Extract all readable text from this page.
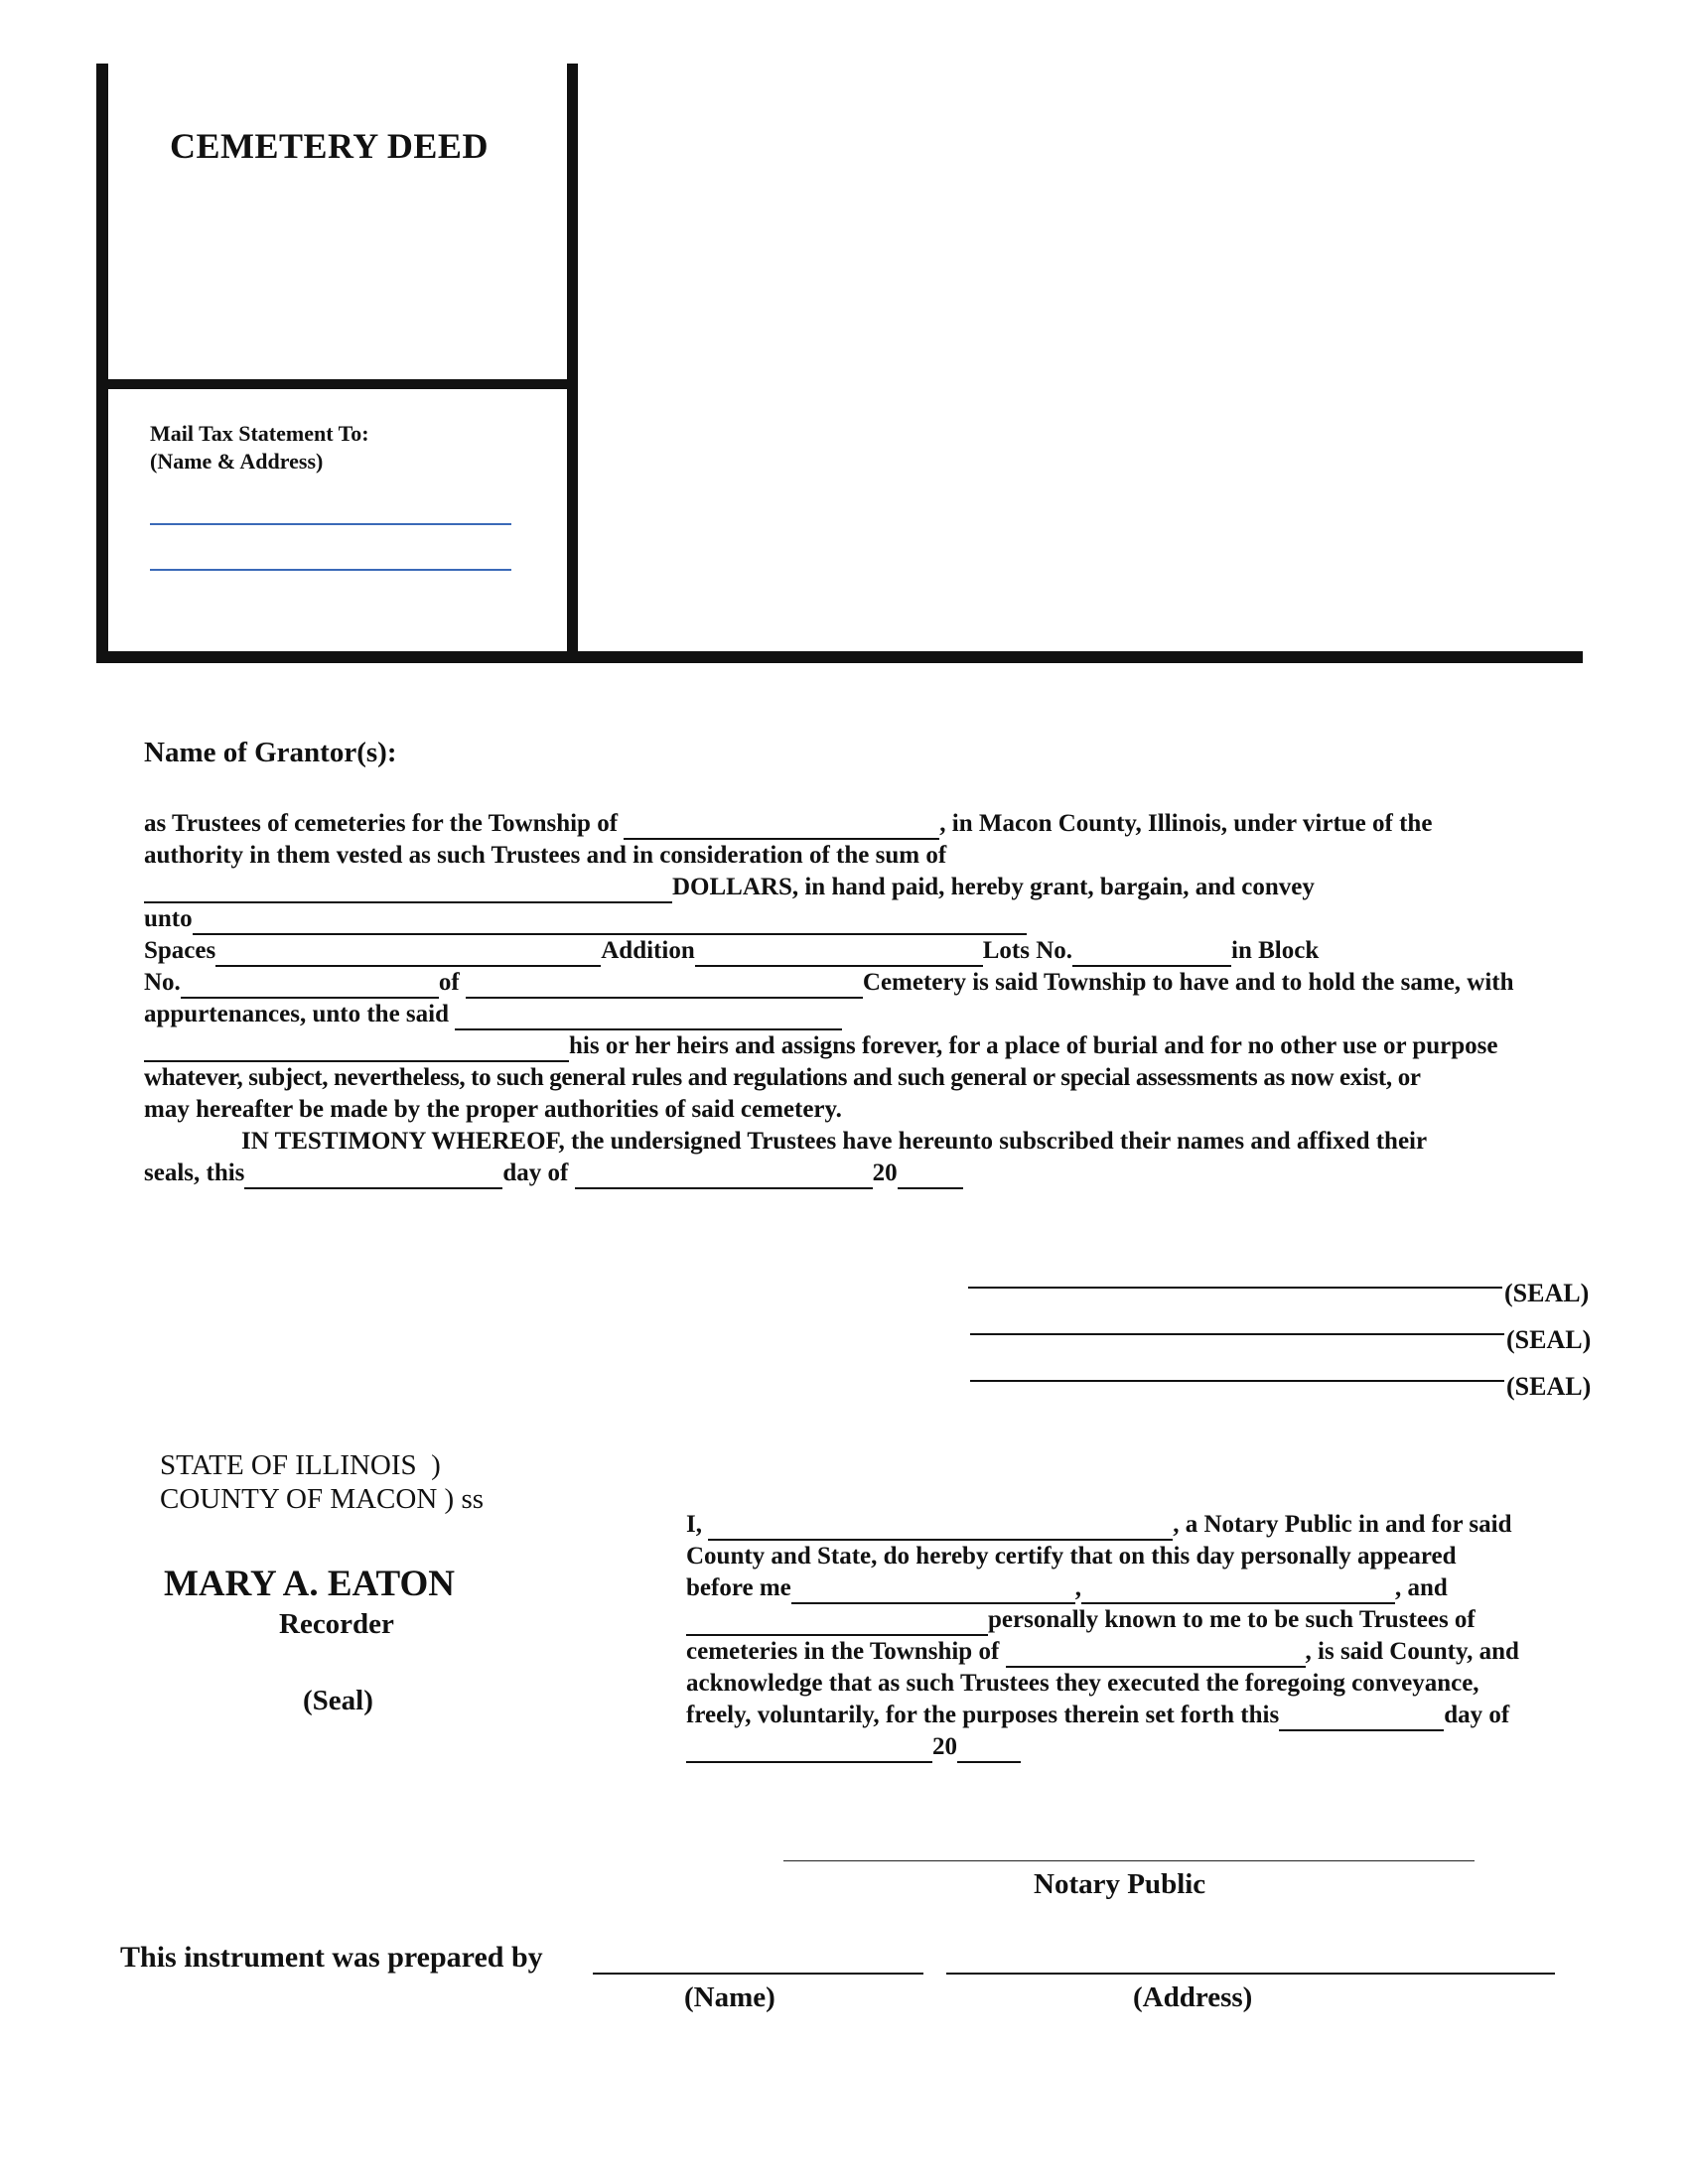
CEMETERY DEED
Mail Tax Statement To:
(Name & Address)
Name of Grantor(s):
as Trustees of cemeteries for the Township of	, in Macon County, Illinois, under virtue of the
authority in them vested as such Trustees and in consideration of the sum of
DOLLARS, in hand paid, hereby grant, bargain, and convey
unto
Spaces	Addition	Lots No.	in Block
No.	of	Cemetery is said Township to have and to hold the same, with
appurtenances, unto the said
his or her heirs and assigns forever, for a place of burial and for no other use or purpose
whatever, subject, nevertheless, to such general rules and regulations and such general or special assessments as now exist, or
may hereafter be made by the proper authorities of said cemetery.
IN TESTIMONY WHEREOF, the undersigned Trustees have hereunto subscribed their names and affixed their
seals, this	day of	20
(SEAL)
(SEAL)
(SEAL)
STATE OF ILLINOIS  )
COUNTY OF MACON ) ss
MARY A. EATON
Recorder
(Seal)
I,	, a Notary Public in and for said
County and State, do hereby certify that on this day personally appeared
before me	,	, and
personally known to me to be such Trustees of
cemeteries in the Township of	, is said County, and
acknowledge that as such Trustees they executed the foregoing conveyance,
freely, voluntarily, for the purposes therein set forth this	day of
20
Notary Public
This instrument was prepared by
(Name)	(Address)
